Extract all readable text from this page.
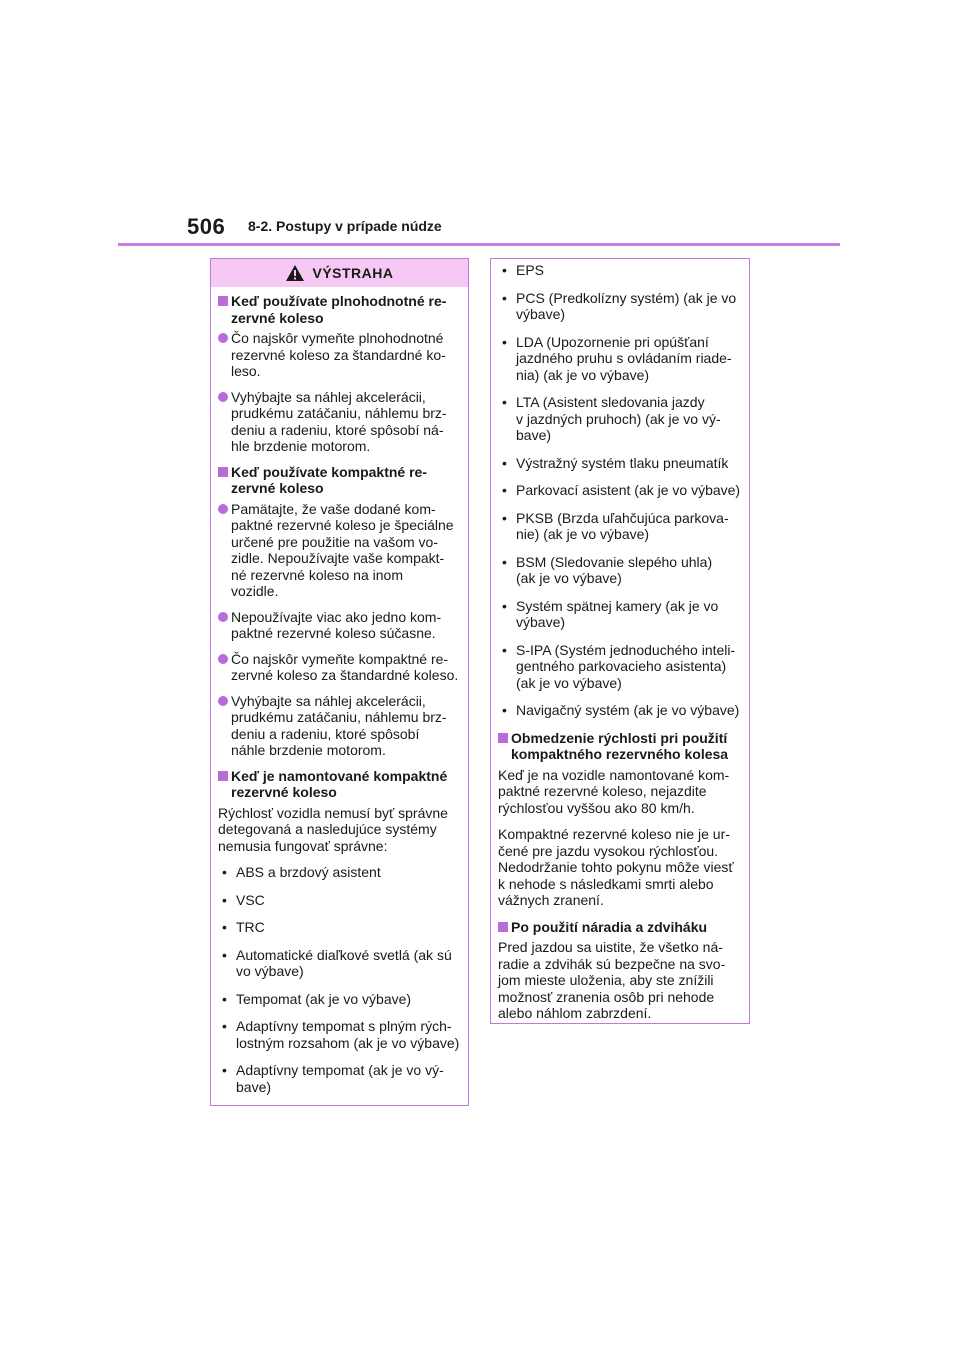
506 8-2. Postupy v prípade núdze
VÝSTRAHA
Keď používate plnohodnotné re-
zervné koleso
Čo najskôr vymeňte plnohodnotné
rezervné koleso za štandardné ko-
leso.
Vyhýbajte sa náhlej akcelerácii,
prudkému zatáčaniu, náhlemu brz-
deniu a radeniu, ktoré spôsobí ná-
hle brzdenie motorom.
Keď používate kompaktné re-
zervné koleso
Pamätajte, že vaše dodané kom-
paktné rezervné koleso je špeciálne
určené pre použitie na vašom vo-
zidle. Nepoužívajte vaše kompakt-
né rezervné koleso na inom
vozidle.
Nepoužívajte viac ako jedno kom-
paktné rezervné koleso súčasne.
Čo najskôr vymeňte kompaktné re-
zervné koleso za štandardné koleso.
Vyhýbajte sa náhlej akcelerácii,
prudkému zatáčaniu, náhlemu brz-
deniu a radeniu, ktoré spôsobí
náhle brzdenie motorom.
Keď je namontované kompaktné
rezervné koleso
Rýchlosť vozidla nemusí byť správne
detegovaná a nasledujúce systémy
nemusia fungovať správne:
• ABS a brzdový asistent
• VSC
• TRC
• Automatické diaľkové svetlá (ak sú
vo výbave)
• Tempomat (ak je vo výbave)
• Adaptívny tempomat s plným rých-
lostným rozsahom (ak je vo výbave)
• Adaptívny tempomat (ak je vo vý-
bave)
• EPS
• PCS (Predkolízny systém) (ak je vo
výbave)
• LDA (Upozornenie pri opúšťaní
jazdného pruhu s ovládaním riade-
nia) (ak je vo výbave)
• LTA (Asistent sledovania jazdy
v jazdných pruhoch) (ak je vo vý-
bave)
• Výstražný systém tlaku pneumatík
• Parkovací asistent (ak je vo výbave)
• PKSB (Brzda uľahčujúca parkova-
nie) (ak je vo výbave)
• BSM (Sledovanie slepého uhla)
(ak je vo výbave)
• Systém spätnej kamery (ak je vo
výbave)
• S-IPA (Systém jednoduchého inteli-
gentného parkovacieho asistenta)
(ak je vo výbave)
• Navigačný systém (ak je vo výbave)
Obmedzenie rýchlosti pri použití
kompaktného rezervného kolesa
Keď je na vozidle namontované kom-
paktné rezervné koleso, nejazdite
rýchlosťou vyššou ako 80 km/h.
Kompaktné rezervné koleso nie je ur-
čené pre jazdu vysokou rýchlosťou.
Nedodržanie tohto pokynu môže viesť
k nehode s následkami smrti alebo
vážnych zranení.
Po použití náradia a zdviháku
Pred jazdou sa uistite, že všetko ná-
radie a zdvihák sú bezpečne na svo-
jom mieste uloženia, aby ste znížili
možnosť zranenia osôb pri nehode
alebo náhlom zabrzdení.
